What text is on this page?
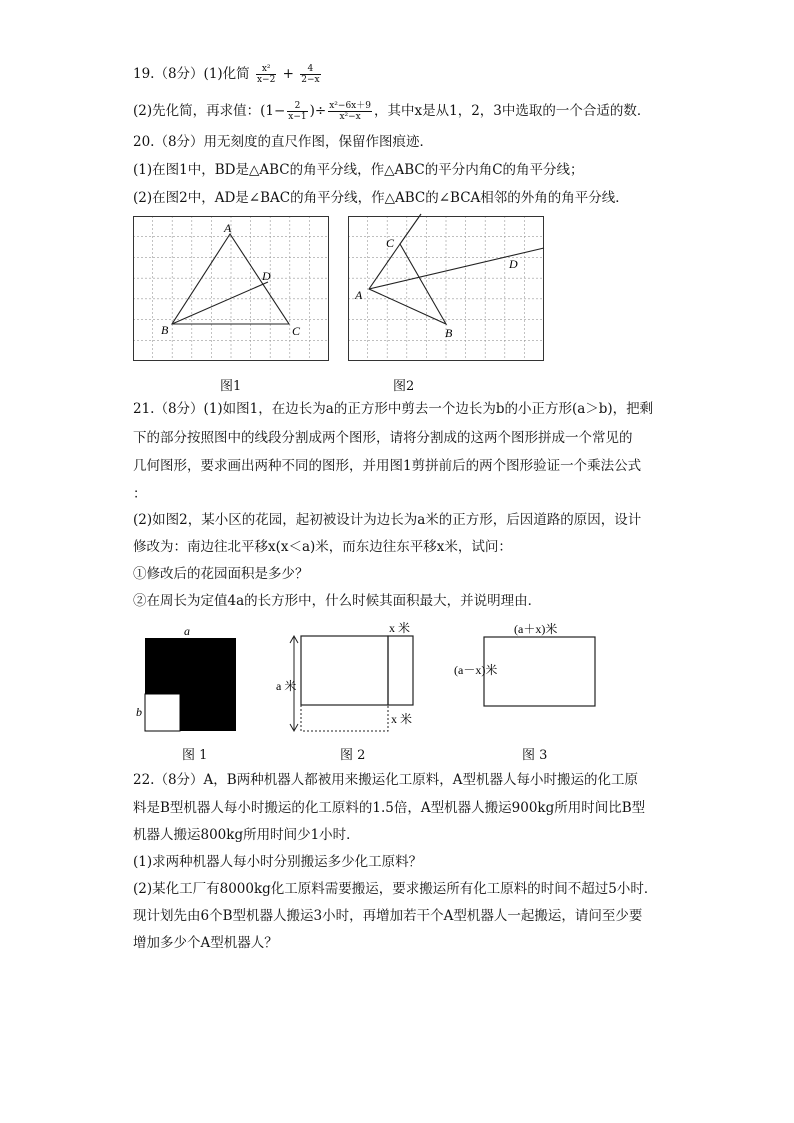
19.（8分）(1)化简 $\frac{\text{x²}}{x-2} + \frac{4}{2-x}$
(2)先化简，再求值：($1- \frac{2}{x-1}$ )÷ $\frac{\text{x²−6x＋9}}{\text{x²−x}}$ ，其中x是从1，2，3中选取的一个合适的数．
20.（8分）用无刻度的直尺作图，保留作图痕迹．
(1)在图1中，BD是△ABC的角平分线，作△ABC的平分内角C的角平分线；
(2)在图2中，AD是∠BAC的角平分线，作△ABC的∠BCA相邻的外角的角平分线．
A
B	C
D
C
A
B
D
图1	图2
21.（8分）(1)如图1，在边长为a的正方形中剪去一个边长为b的小正方形(a＞b)，把剩
下的部分按照图中的线段分割成两个图形，请将分割成的这两个图形拼成一个常见的
几何图形，要求画出两种不同的图形，并用图1剪拼前后的两个图形验证一个乘法公式
：
(2)如图2，某小区的花园，起初被设计为边长为a米的正方形，后因道路的原因，设计
修改为：南边往北平移x(x＜a)米，而东边往东平移x米，试问：
①修改后的花园面积是多少？
②在周长为定值4a的长方形中，什么时候其面积最大，并说明理由．
a
b
a 米
x 米
x 米
(a＋x)米
(a－x)米
图 1	图 2	图 3
22.（8分）A，B两种机器人都被用来搬运化工原料，A型机器人每小时搬运的化工原
料是B型机器人每小时搬运的化工原料的1.5倍，A型机器人搬运900kg所用时间比B型
机器人搬运800kg所用时间少1小时．
(1)求两种机器人每小时分别搬运多少化工原料？
(2)某化工厂有8000kg化工原料需要搬运，要求搬运所有化工原料的时间不超过5小时．
现计划先由6个B型机器人搬运3小时，再增加若干个A型机器人一起搬运，请问至少要
增加多少个A型机器人？
